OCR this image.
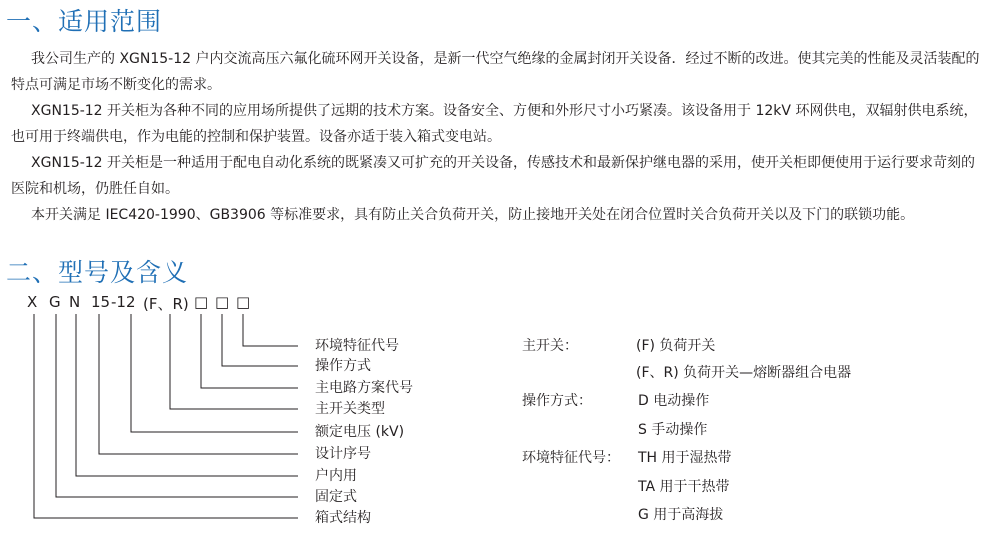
一、适用范围

我公司生产的 XGN15-12 户内交流高压六氟化硫环网开关设备，是新一代空气绝缘的金属封闭开关设备．经过不断的改进。使其完美的性能及灵活装配的特点可满足市场不断变化的需求。

XGN15-12 开关柜为各种不同的应用场所提供了远期的技术方案。设备安全、方便和外形尺寸小巧紧凑。该设备用于 12kV 环网供电，双辐射供电系统，也可用于终端供电，作为电能的控制和保护装置。设备亦适于装入箱式变电站。

XGN15-12 开关柜是一种适用于配电自动化系统的既紧凑又可扩充的开关设备，传感技术和最新保护继电器的采用，使开关柜即便使用于运行要求苛刻的医院和机场，仍胜任自如。

本开关满足 IEC420-1990、GB3906 等标准要求，具有防止关合负荷开关，防止接地开关处在闭合位置时关合负荷开关以及下门的联锁功能。

二、型号及含义
X G N 15 -12 (F、R) □ □ □
环境特征代号
操作方式
主电路方案代号
主开关类型
额定电压 (kV)
设计序号
户内用
固定式
箱式结构
主开关：	(F) 负荷开关
(F、R) 负荷开关—熔断器组合电器
操作方式：	D 电动操作
S 手动操作
环境特征代号： TH 用于湿热带
TA 用于干热带
G 用于高海拔
